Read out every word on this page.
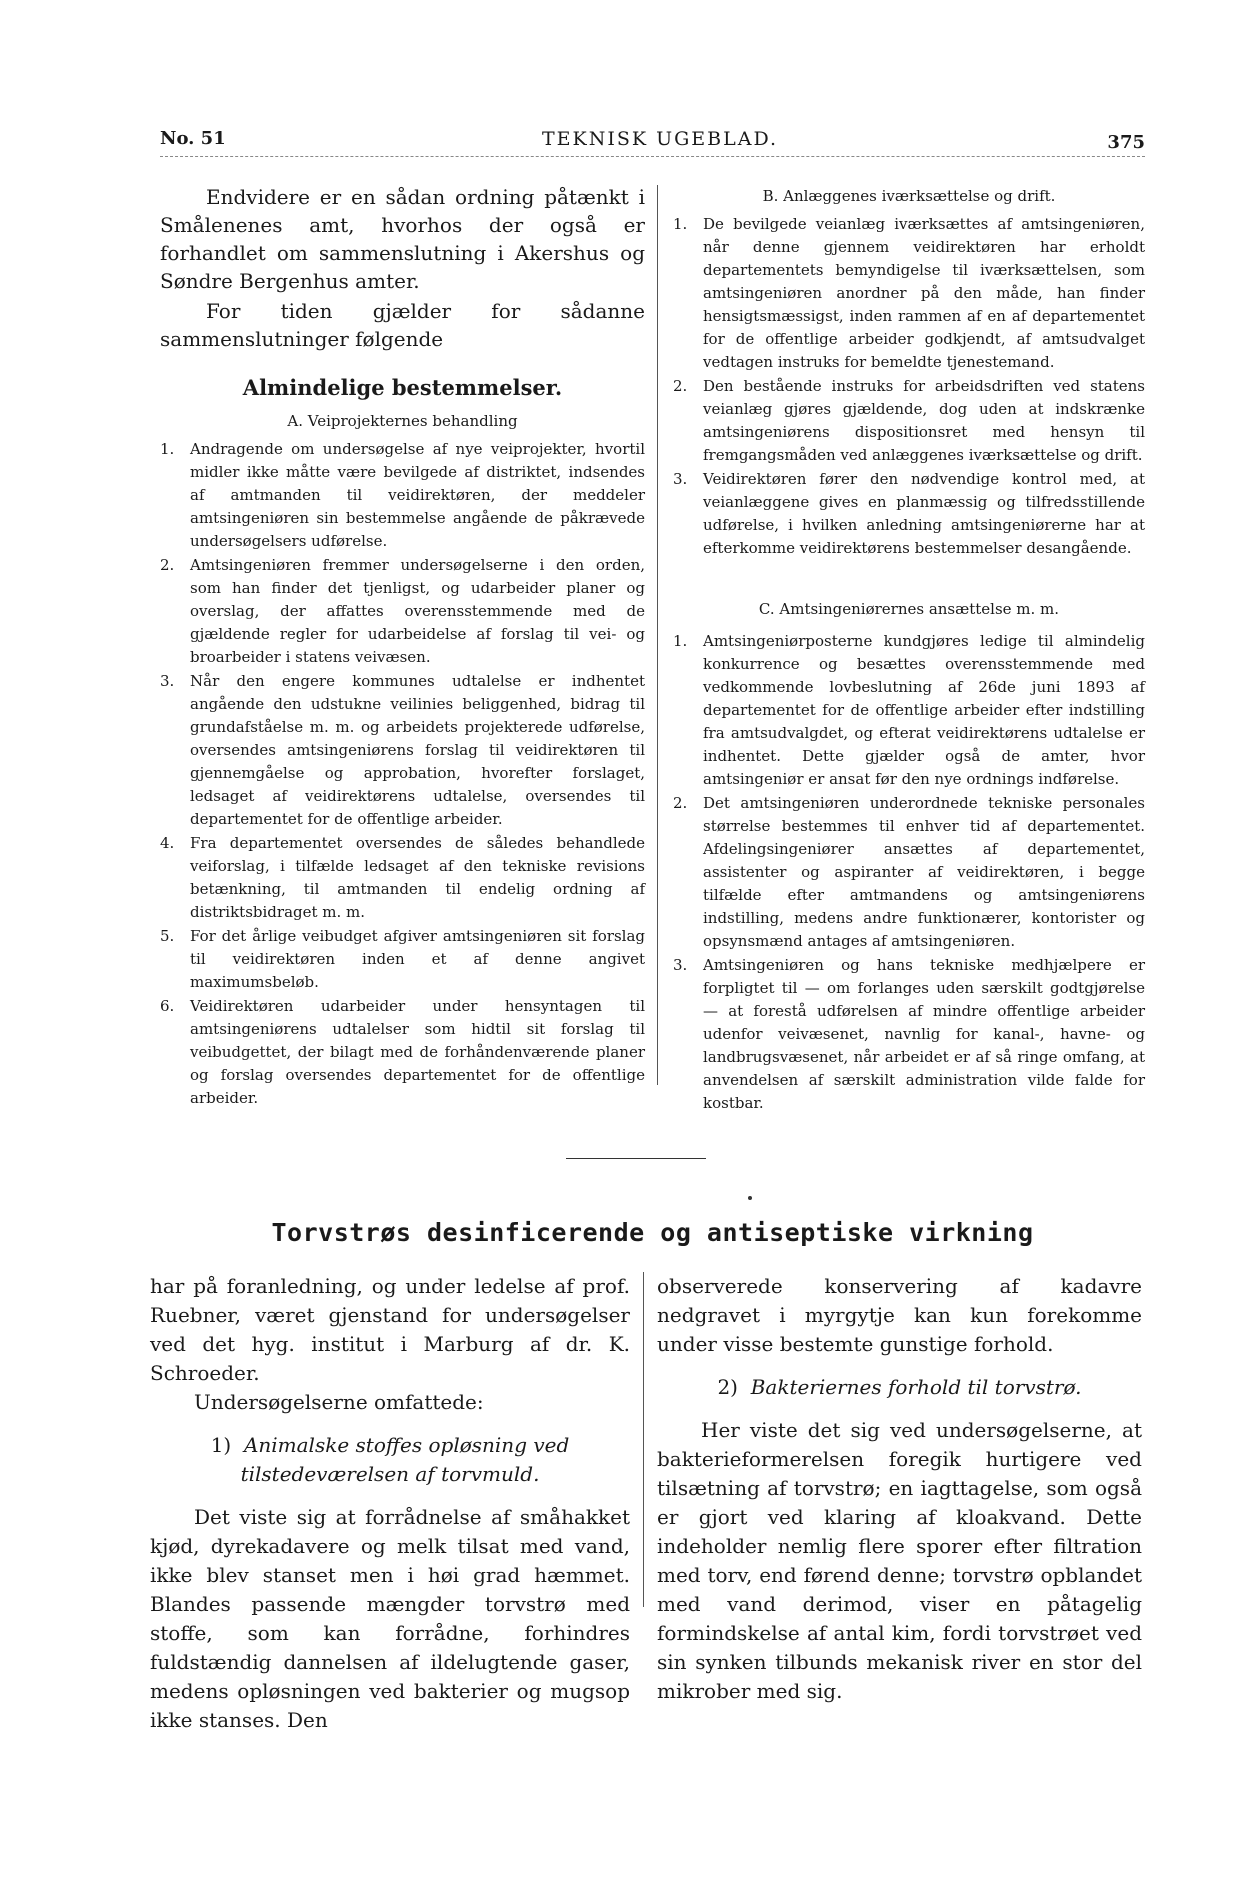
No. 51	TEKNISK UGEBLAD.	375

Endvidere er en sådan ordning påtænkt i Smålenenes amt, hvorhos der også er forhandlet om sammenslutning i Akershus og Søndre Bergenhus amter.

For tiden gjælder for sådanne sammenslutninger følgende

Almindelige bestemmelser.
A. Veiprojekternes behandling
1. Andragende om undersøgelse af nye veiprojekter, hvortil midler ikke måtte være bevilgede af distriktet, indsendes af amtmanden til veidirektøren, der meddeler amtsingeniøren sin bestemmelse angående de påkrævede undersøgelsers udførelse.
2. Amtsingeniøren fremmer undersøgelserne i den orden, som han finder det tjenligst, og udarbeider planer og overslag, der affattes overensstemmende med de gjældende regler for udarbeidelse af forslag til vei- og broarbeider i statens veivæsen.
3. Når den engere kommunes udtalelse er indhentet angående den udstukne veilinies beliggenhed, bidrag til grundafståelse m. m. og arbeidets projekterede udførelse, oversendes amtsingeniørens forslag til veidirektøren til gjennemgåelse og approbation, hvorefter forslaget, ledsaget af veidirektørens udtalelse, oversendes til departementet for de offentlige arbeider.
4. Fra departementet oversendes de således behandlede veiforslag, i tilfælde ledsaget af den tekniske revisions betænkning, til amtmanden til endelig ordning af distriktsbidraget m. m.
5. For det årlige veibudget afgiver amtsingeniøren sit forslag til veidirektøren inden et af denne angivet maximumsbeløb.
6. Veidirektøren udarbeider under hensyntagen til amtsingeniørens udtalelser som hidtil sit forslag til veibudgettet, der bilagt med de forhåndenværende planer og forslag oversendes departementet for de offentlige arbeider.
B. Anlæggenes iværksættelse og drift.
1. De bevilgede veianlæg iværksættes af amtsingeniøren, når denne gjennem veidirektøren har erholdt departementets bemyndigelse til iværksættelsen, som amtsingeniøren anordner på den måde, han finder hensigtsmæssigst, inden rammen af en af departementet for de offentlige arbeider godkjendt, af amtsudvalget vedtagen instruks for bemeldte tjenestemand.
2. Den bestående instruks for arbeidsdriften ved statens veianlæg gjøres gjældende, dog uden at indskrænke amtsingeniørens dispositionsret med hensyn til fremgangsmåden ved anlæggenes iværksættelse og drift.
3. Veidirektøren fører den nødvendige kontrol med, at veianlæggene gives en planmæssig og tilfredsstillende udførelse, i hvilken anledning amtsingeniørerne har at efterkomme veidirektørens bestemmelser desangående.
C. Amtsingeniørernes ansættelse m. m.
1. Amtsingeniørposterne kundgjøres ledige til almindelig konkurrence og besættes overensstemmende med vedkommende lovbeslutning af 26de juni 1893 af departementet for de offentlige arbeider efter indstilling fra amtsudvalgdet, og efterat veidirektørens udtalelse er indhentet. Dette gjælder også de amter, hvor amtsingeniør er ansat før den nye ordnings indførelse.
2. Det amtsingeniøren underordnede tekniske personales størrelse bestemmes til enhver tid af departementet. Afdelingsingeniører ansættes af departementet, assistenter og aspiranter af veidirektøren, i begge tilfælde efter amtmandens og amtsingeniørens indstilling, medens andre funktionærer, kontorister og opsynsmænd antages af amtsingeniøren.
3. Amtsingeniøren og hans tekniske medhjælpere er forpligtet til — om forlanges uden særskilt godtgjørelse — at forestå udførelsen af mindre offentlige arbeider udenfor veivæsenet, navnlig for kanal-, havne- og landbrugsvæsenet, når arbeidet er af så ringe omfang, at anvendelsen af særskilt administration vilde falde for kostbar.
Torvstrøs desinficerende og antiseptiske virkning

har på foranledning, og under ledelse af prof. Ruebner, været gjenstand for undersøgelser ved det hyg. institut i Marburg af dr. K. Schroeder.

Undersøgelserne omfattede:

1) Animalske stoffes opløsning ved tilstedeværelsen af torvmuld.

Det viste sig at forrådnelse af småhakket kjød, dyrekadavere og melk tilsat med vand, ikke blev stanset men i høi grad hæmmet. Blandes passende mængder torvstrø med stoffe, som kan forrådne, forhindres fuldstændig dannelsen af ildelugtende gaser, medens opløsningen ved bakterier og mugsop ikke stanses. Den

observerede konservering af kadavre nedgravet i myrgytje kan kun forekomme under visse bestemte gunstige forhold.

2) Bakteriernes forhold til torvstrø.

Her viste det sig ved undersøgelserne, at bakterieformerelsen foregik hurtigere ved tilsætning af torvstrø; en iagttagelse, som også er gjort ved klaring af kloakvand. Dette indeholder nemlig flere sporer efter filtration med torv, end førend denne; torvstrø opblandet med vand derimod, viser en påtagelig formindskelse af antal kim, fordi torvstrøet ved sin synken tilbunds mekanisk river en stor del mikrober med sig.
